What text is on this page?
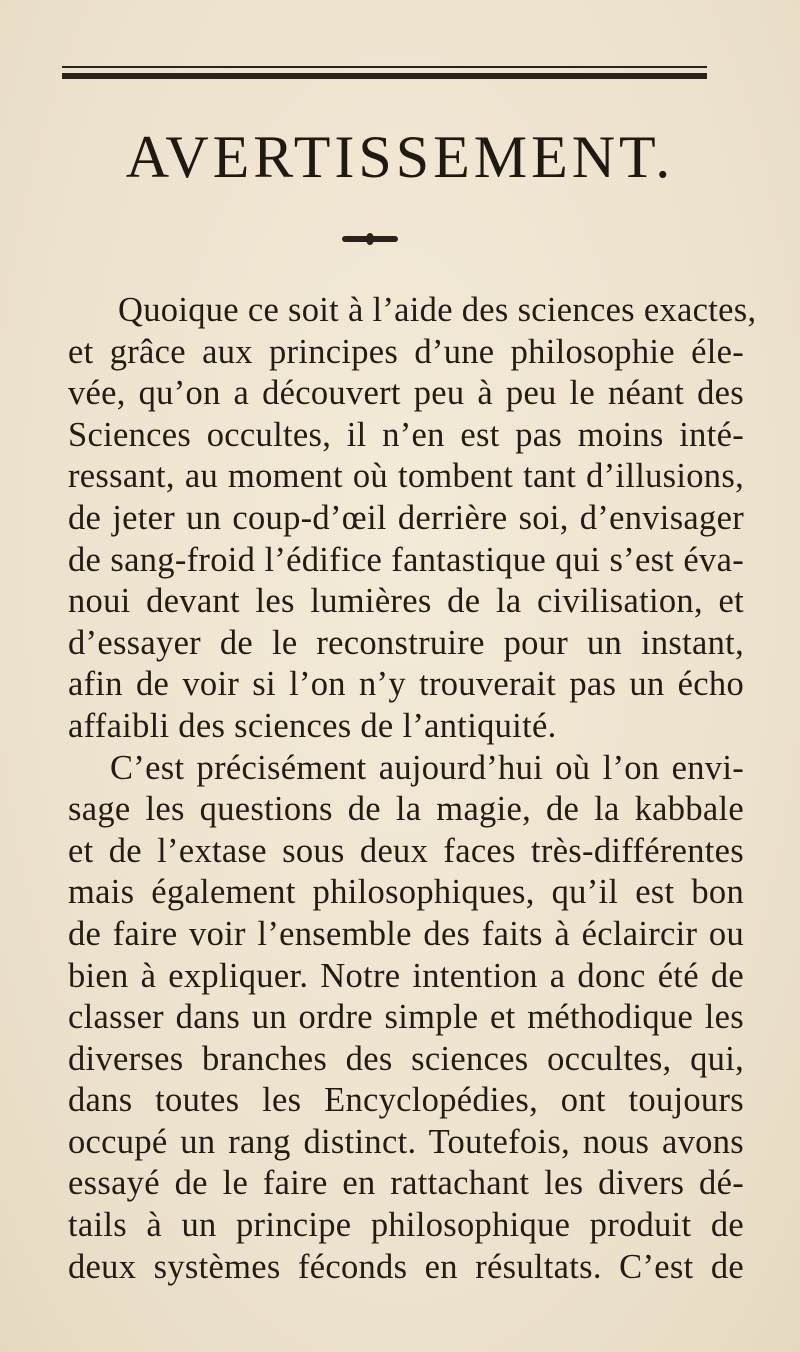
AVERTISSEMENT.
Quoique ce soit à l’aide des sciences exactes,
et grâce aux principes d’une philosophie éle-
vée, qu’on a découvert peu à peu le néant des
Sciences occultes, il n’en est pas moins inté-
ressant, au moment où tombent tant d’illusions,
de jeter un coup-d’œil derrière soi, d’envisager
de sang-froid l’édifice fantastique qui s’est éva-
noui devant les lumières de la civilisation, et
d’essayer de le reconstruire pour un instant,
afin de voir si l’on n’y trouverait pas un écho
affaibli des sciences de l’antiquité.
C’est précisément aujourd’hui où l’on envi-
sage les questions de la magie, de la kabbale
et de l’extase sous deux faces très-différentes
mais également philosophiques, qu’il est bon
de faire voir l’ensemble des faits à éclaircir ou
bien à expliquer. Notre intention a donc été de
classer dans un ordre simple et méthodique les
diverses branches des sciences occultes, qui,
dans toutes les Encyclopédies, ont toujours
occupé un rang distinct. Toutefois, nous avons
essayé de le faire en rattachant les divers dé-
tails à un principe philosophique produit de
deux systèmes féconds en résultats. C’est de
